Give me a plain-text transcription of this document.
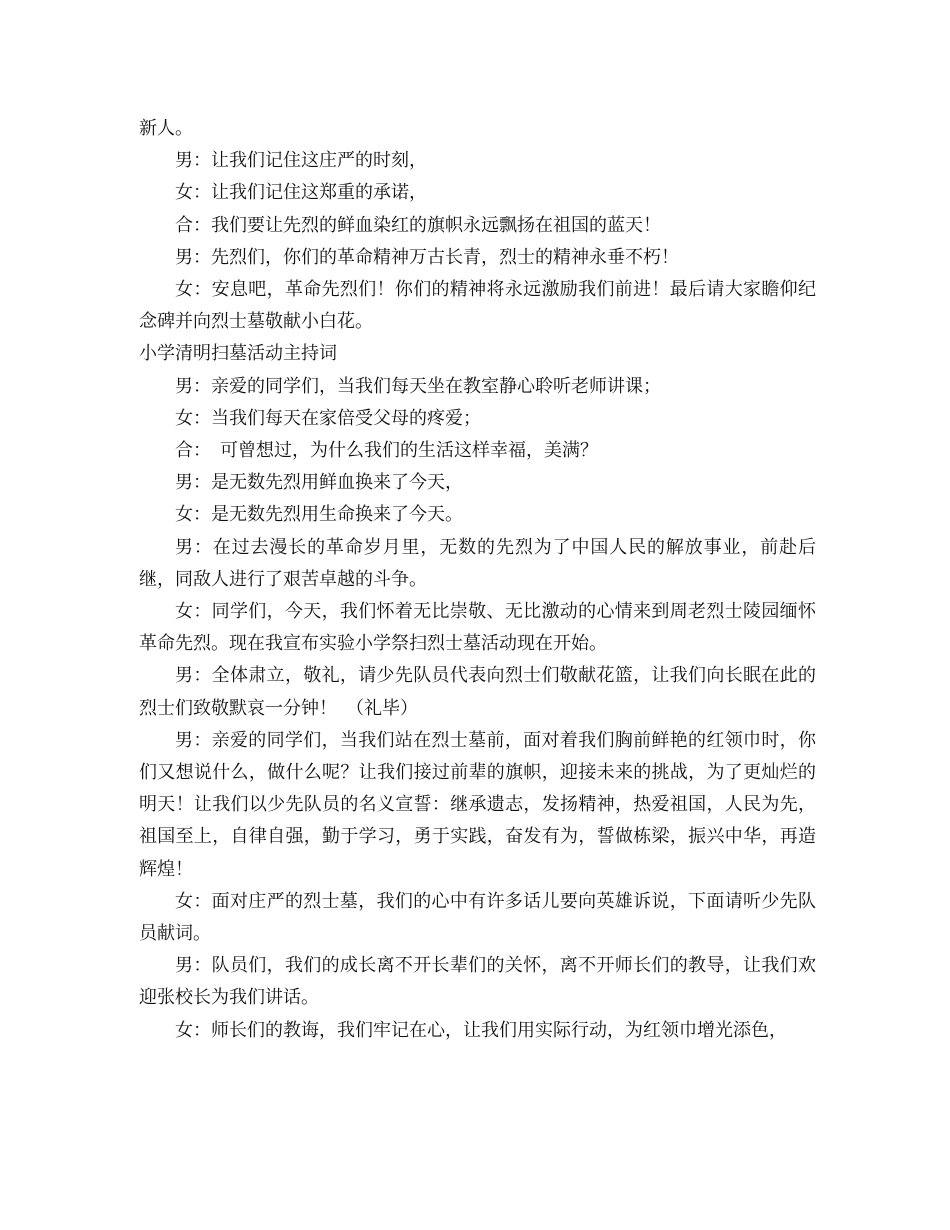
新人。

男：让我们记住这庄严的时刻，

女：让我们记住这郑重的承诺，

合：我们要让先烈的鲜血染红的旗帜永远飘扬在祖国的蓝天！

男：先烈们，你们的革命精神万古长青，烈士的精神永垂不朽！

女：安息吧，革命先烈们！你们的精神将永远激励我们前进！最后请大家瞻仰纪念碑并向烈士墓敬献小白花。

小学清明扫墓活动主持词

男：亲爱的同学们，当我们每天坐在教室静心聆听老师讲课；

女：当我们每天在家倍受父母的疼爱；

合：　可曾想过，为什么我们的生活这样幸福，美满？

男：是无数先烈用鲜血换来了今天，

女：是无数先烈用生命换来了今天。

男：在过去漫长的革命岁月里，无数的先烈为了中国人民的解放事业，前赴后继，同敌人进行了艰苦卓越的斗争。

女：同学们，今天，我们怀着无比崇敬、无比激动的心情来到周老烈士陵园缅怀革命先烈。现在我宣布实验小学祭扫烈士墓活动现在开始。

男：全体肃立，敬礼，请少先队员代表向烈士们敬献花篮，让我们向长眠在此的烈士们致敬默哀一分钟！　（礼毕）

男：亲爱的同学们，当我们站在烈士墓前，面对着我们胸前鲜艳的红领巾时，你们又想说什么，做什么呢？让我们接过前辈的旗帜，迎接未来的挑战，为了更灿烂的明天！让我们以少先队员的名义宣誓：继承遗志，发扬精神，热爱祖国，人民为先，祖国至上，自律自强，勤于学习，勇于实践，奋发有为，誓做栋梁，振兴中华，再造辉煌！

女：面对庄严的烈士墓，我们的心中有许多话儿要向英雄诉说，下面请听少先队员献词。

男：队员们，我们的成长离不开长辈们的关怀，离不开师长们的教导，让我们欢迎张校长为我们讲话。

女：师长们的教诲，我们牢记在心，让我们用实际行动，为红领巾增光添色，
